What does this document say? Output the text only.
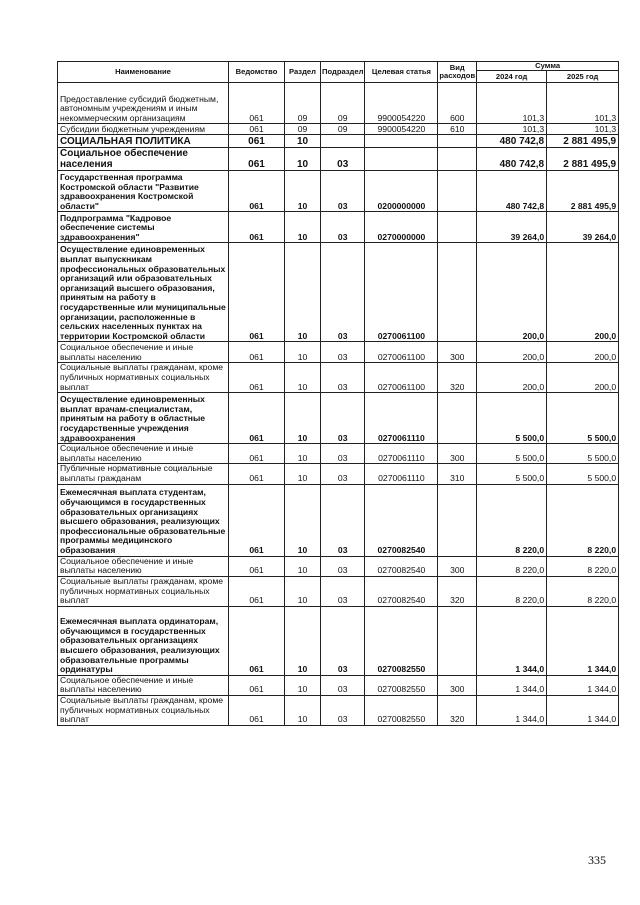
Наименование	Ведомство	Раздел	Подраздел	Целевая статья	Вид расходов	Сумма	
						2024 год	2025 год
Предоставление субсидий бюджетным, автономным учреждениям и иным некоммерческим организациям	061	09	09	9900054220	600	101,3	101,3
Субсидии бюджетным учреждениям	061	09	09	9900054220	610	101,3	101,3
СОЦИАЛЬНАЯ ПОЛИТИКА	061	10				480 742,8	2 881 495,9
Социальное обеспечение населения	061	10	03			480 742,8	2 881 495,9
Государственная программа Костромской области "Развитие здравоохранения Костромской области"	061	10	03	0200000000		480 742,8	2 881 495,9
Подпрограмма "Кадровое обеспечение системы здравоохранения"	061	10	03	0270000000		39 264,0	39 264,0
Осуществление единовременных выплат выпускникам профессиональных образовательных организаций или образовательных организаций высшего образования, принятым на работу в государственные или муниципальные организации, расположенные в сельских населенных пунктах на территории Костромской области	061	10	03	0270061100		200,0	200,0
Социальное обеспечение и иные выплаты населению	061	10	03	0270061100	300	200,0	200,0
Социальные выплаты гражданам, кроме публичных нормативных социальных выплат	061	10	03	0270061100	320	200,0	200,0
Осуществление единовременных выплат врачам-специалистам, принятым на работу в областные государственные учреждения здравоохранения	061	10	03	0270061110		5 500,0	5 500,0
Социальное обеспечение и иные выплаты населению	061	10	03	0270061110	300	5 500,0	5 500,0
Публичные нормативные социальные выплаты гражданам	061	10	03	0270061110	310	5 500,0	5 500,0
Ежемесячная выплата студентам, обучающимся в государственных образовательных организациях высшего образования, реализующих профессиональные образовательные программы медицинского образования	061	10	03	0270082540		8 220,0	8 220,0
Социальное обеспечение и иные выплаты населению	061	10	03	0270082540	300	8 220,0	8 220,0
Социальные выплаты гражданам, кроме публичных нормативных социальных выплат	061	10	03	0270082540	320	8 220,0	8 220,0
Ежемесячная выплата ординаторам, обучающимся в государственных образовательных организациях высшего образования, реализующих образовательные программы ординатуры	061	10	03	0270082550		1 344,0	1 344,0
Социальное обеспечение и иные выплаты населению	061	10	03	0270082550	300	1 344,0	1 344,0
Социальные выплаты гражданам, кроме публичных нормативных социальных выплат	061	10	03	0270082550	320	1 344,0	1 344,0
335
